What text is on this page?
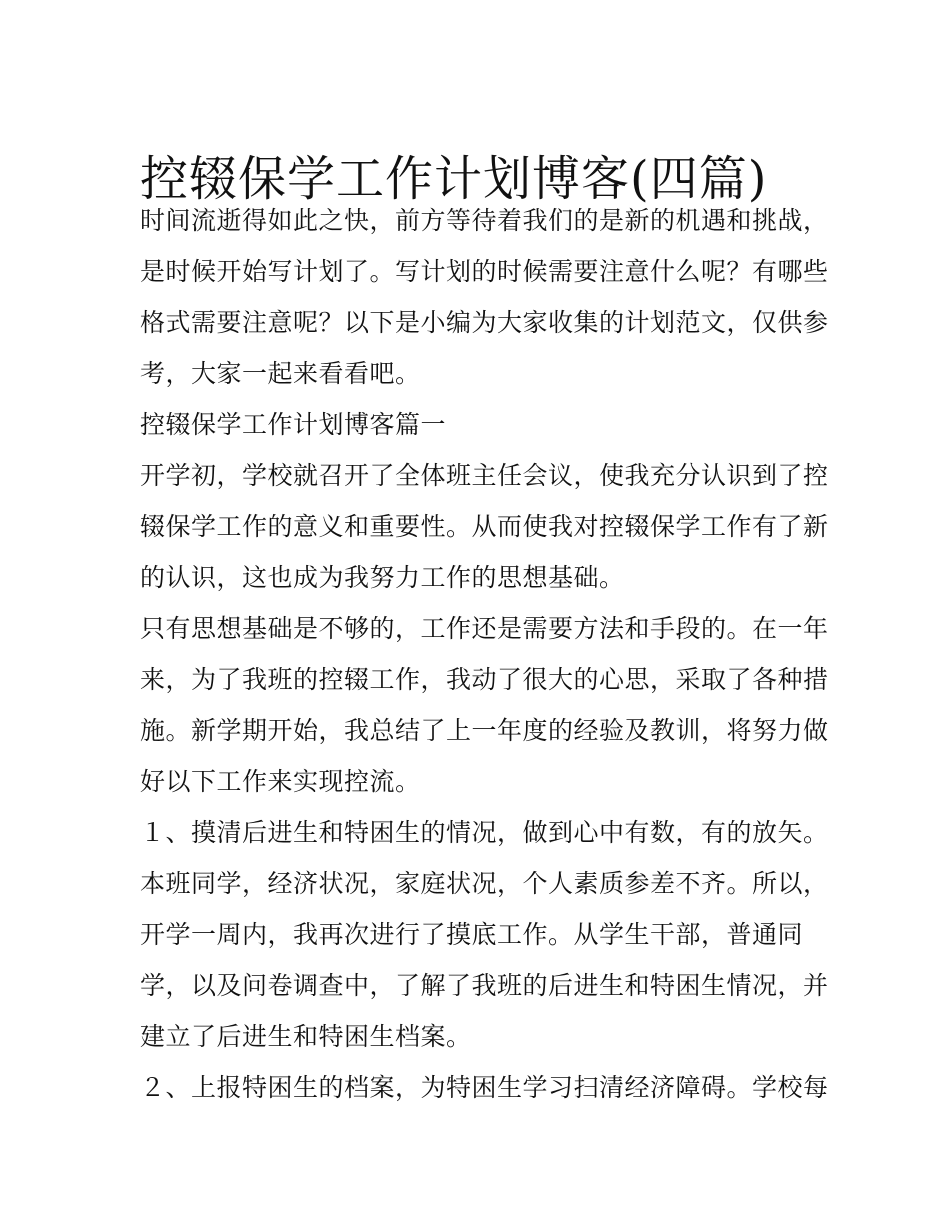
控辍保学工作计划博客(四篇)
时间流逝得如此之快，前方等待着我们的是新的机遇和挑战，
是时候开始写计划了。写计划的时候需要注意什么呢？有哪些
格式需要注意呢？以下是小编为大家收集的计划范文，仅供参
考，大家一起来看看吧。
控辍保学工作计划博客篇一
开学初，学校就召开了全体班主任会议，使我充分认识到了控
辍保学工作的意义和重要性。从而使我对控辍保学工作有了新
的认识，这也成为我努力工作的思想基础。
只有思想基础是不够的，工作还是需要方法和手段的。在一年
来，为了我班的控辍工作，我动了很大的心思，采取了各种措
施。新学期开始，我总结了上一年度的经验及教训，将努力做
好以下工作来实现控流。
１、摸清后进生和特困生的情况，做到心中有数，有的放矢。
本班同学，经济状况，家庭状况，个人素质参差不齐。所以，
开学一周内，我再次进行了摸底工作。从学生干部，普通同
学，以及问卷调查中，了解了我班的后进生和特困生情况，并
建立了后进生和特困生档案。
２、上报特困生的档案，为特困生学习扫清经济障碍。学校每
